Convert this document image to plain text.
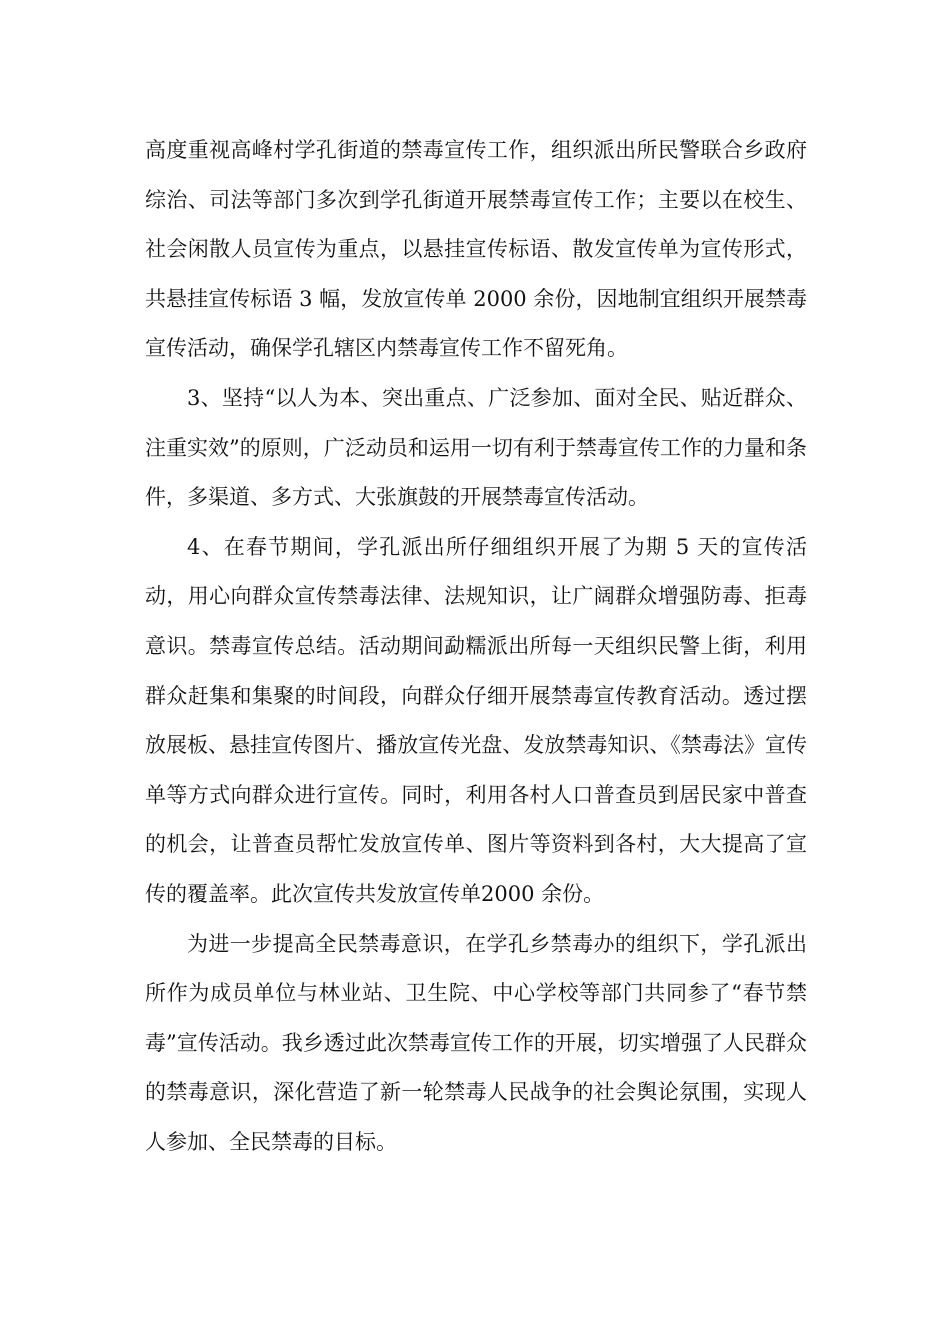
高度重视高峰村学孔街道的禁毒宣传工作，组织派出所民警联合乡政府综治、司法等部门多次到学孔街道开展禁毒宣传工作；主要以在校生、社会闲散人员宣传为重点，以悬挂宣传标语、散发宣传单为宣传形式，共悬挂宣传标语 3 幅，发放宣传单 2000 余份，因地制宜组织开展禁毒宣传活动，确保学孔辖区内禁毒宣传工作不留死角。

3、坚持“以人为本、突出重点、广泛参加、面对全民、贴近群众、注重实效”的原则，广泛动员和运用一切有利于禁毒宣传工作的力量和条件，多渠道、多方式、大张旗鼓的开展禁毒宣传活动。

4、在春节期间，学孔派出所仔细组织开展了为期 5 天的宣传活动，用心向群众宣传禁毒法律、法规知识，让广阔群众增强防毒、拒毒意识。禁毒宣传总结。活动期间勐糯派出所每一天组织民警上街，利用群众赶集和集聚的时间段，向群众仔细开展禁毒宣传教育活动。透过摆放展板、悬挂宣传图片、播放宣传光盘、发放禁毒知识、《禁毒法》宣传单等方式向群众进行宣传。同时，利用各村人口普查员到居民家中普查的机会，让普查员帮忙发放宣传单、图片等资料到各村，大大提高了宣传的覆盖率。此次宣传共发放宣传单2000 余份。

为进一步提高全民禁毒意识，在学孔乡禁毒办的组织下，学孔派出所作为成员单位与林业站、卫生院、中心学校等部门共同参了“春节禁毒”宣传活动。我乡透过此次禁毒宣传工作的开展，切实增强了人民群众的禁毒意识，深化营造了新一轮禁毒人民战争的社会舆论氛围，实现人人参加、全民禁毒的目标。
